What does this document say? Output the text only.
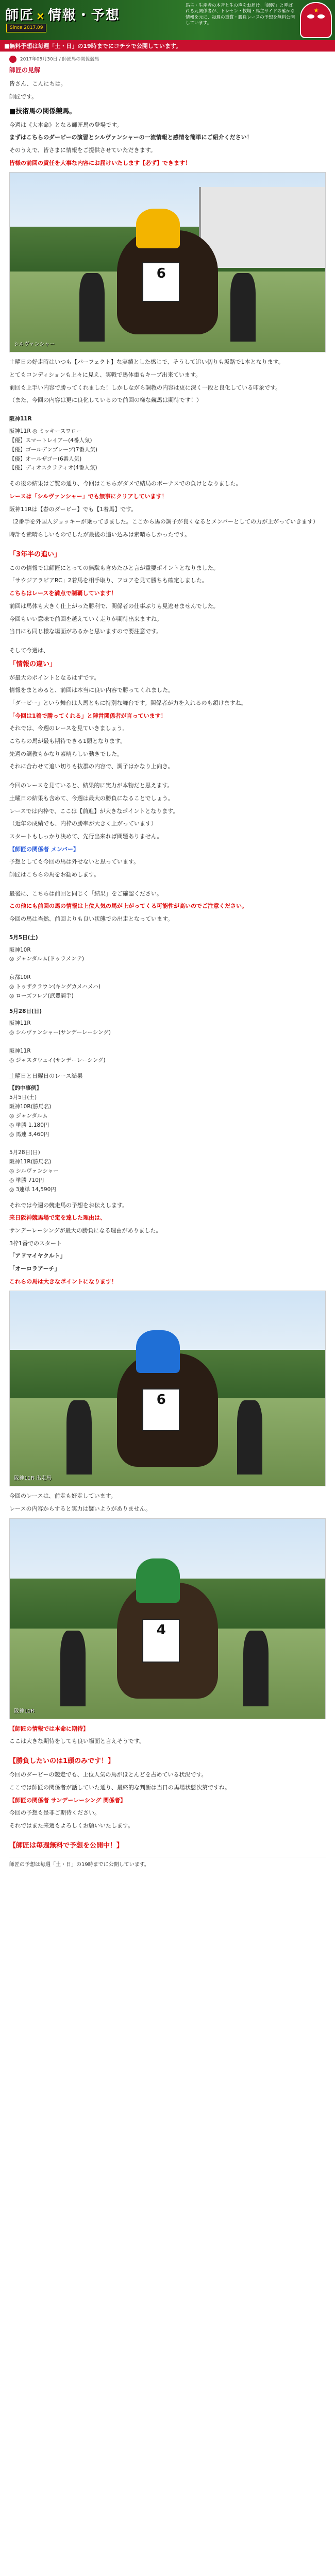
師匠 × 情報・予想
Since 2017.09
馬主・生産者の本音と生の声をお届け。「師匠」と呼ばれる元関係者が、トレセン・牧場・馬主サイドの確かな情報を元に、毎週の重賞・勝負レースの予想を無料公開しています。
★
■無料予想は毎週「土・日」の19時までにコチラで公開しています。
2017年05月30日 / 師匠馬の関係競馬
師匠の見解

皆さん、こんにちは。

師匠です。

■技術馬の関係競馬。

今週は《大本命》となる師匠馬の登場です。

まずはこちらのダービーの演習とシルヴァンシャーの一流情報と感情を簡単にご紹介ください！

そのうえで、皆さまに情報をご提供させていただきます。

皆様の前回の責任を大事な内容にお届けいたします【必ず】できます！

6
シルヴァンシャー

土曜日の好走時はいつも【パーフェクト】な実績とした感じで、そうして追い切りも坂路で1本となります。

とてもコンディションも上々に見え、実戦で馬体重もキープ出来ています。

前回も上手い内容で勝ってくれました！しかしながら調教の内容は更に深く一段と良化している印象です。

（また、今回の内容は更に良化しているので前回の様な競馬は期待です！）

阪神11R

阪神11R ◎ ミッキースワロー
【優】スマートレイアー(4番人気)
【優】ゴールデンブレーブ(7番人気)
【優】オールザゴー(6番人気)
【優】ディオスクラティオ(4番人気)

その後の結果はご覧の通り、今回はこちらがダメで結局のボーナスでの負けとなりました。

レースは「シルヴァンシャー」でも無事にクリアしています！

阪神11Rは【春のダービー】でも【1着馬】です。

（2番手を外国人ジョッキーが乗ってきました。ここから馬の調子が良くなるとメンバーとしての力が上がっていきます）

時計も素晴らしいものでしたが最後の追い込みは素晴らしかったです。

「3年半の追い」

このの情報では師匠にとっての無駄も含めたひと言が重要ポイントとなりました。

「サウジアラビアRC」2着馬を相手取り、フロアを見て勝ちも確定しました。

こちらはレースを満点で制覇しています！

前回は馬体も大きく仕上がった勝利で、関係者の仕事ぶりも見逃せませんでした。

今回もいい意味で前回を越えていく走りが期待出来ますね。

当日にも同じ様な場面があるかと思いますので要注意です。

そして今週は、

「情報の違い」

が最大のポイントとなるはずです。

情報をまとめると、前回は本当に良い内容で勝ってくれました。

「ダービー」という舞台は人馬ともに特別な舞台です。関係者が力を入れるのも頷けますね。

「今回は1着で勝ってくれる」と陣営関係者が言っています！

それでは、今週のレースを見ていきましょう。

こちらの馬が最も期待できる1頭となります。

先週の調教もかなり素晴らしい動きでした。

それに合わせて追い切りも抜群の内容で、調子はかなり上向き。

今回のレースを見ていると、結果的に実力が本物だと思えます。

土曜日の結果も含めて、今週は最大の勝負になることでしょう。

レースでは内枠で、ここは【前進】が大きなポイントとなります。

（近年の成績でも、内枠の勝率が大きく上がっています）

スタートもしっかり決めて、先行出来れば問題ありません。

【師匠の関係者 メンバー】

予想としても今回の馬は外せないと思っています。

師匠はこちらの馬をお勧めします。

最後に、こちらは前回と同じく「結果」をご確認ください。

この他にも前回の馬の情報は上位人気の馬が上がってくる可能性が高いのでご注意ください。

今回の馬は当然、前回よりも良い状態での出走となっています。

5月5日(土)

阪神10R
◎ ジャンダルム(ドゥラメンテ)

京都10R
◎ トゥザクラウン(キングカメハメハ)
◎ ローズフレア(武豊騎手)

5月28日(日)

阪神11R
◎ シルヴァンシャー(サンデーレーシング)

阪神11R
◎ ジャスタウェイ(サンデーレーシング)

土曜日と日曜日のレース結果

【的中事例】
5月5日(土)
阪神10R(勝馬名)
◎ ジャンダルム
◎ 単勝 1,180円
◎ 馬連 3,460円

5月28日(日)
阪神11R(勝馬名)
◎ シルヴァンシャー
◎ 単勝 710円
◎ 3連単 14,590円

それでは今週の競走馬の予想をお伝えします。

来日阪神競馬場で定を達した理由は、

サンデーレーシングが最大の勝負になる理由がありました。

3枠1番でのスタート

「アドマイヤクルト」

「オーロラアーチ」

これらの馬は大きなポイントになります！

6
阪神11R 出走馬

今回のレースは、前走も好走しています。

レースの内容からすると実力は疑いようがありません。

4
阪神10R

【師匠の情報では本命に期待】

ここは大きな期待をしても良い場面と言えそうです。

【勝負したいのは1頭のみです！】

今回のダービーの競走でも、上位人気の馬がほとんどを占めている状況です。

ここでは師匠の関係者が話していた通り、最終的な判断は当日の馬場状態次第ですね。

【師匠の関係者 サンデーレーシング 関係者】

今回の予想も是非ご期待ください。

それではまた来週もよろしくお願いいたします。

【師匠は毎週無料で予想を公開中！】

師匠の予想は毎週「土・日」の19時までに公開しています。
